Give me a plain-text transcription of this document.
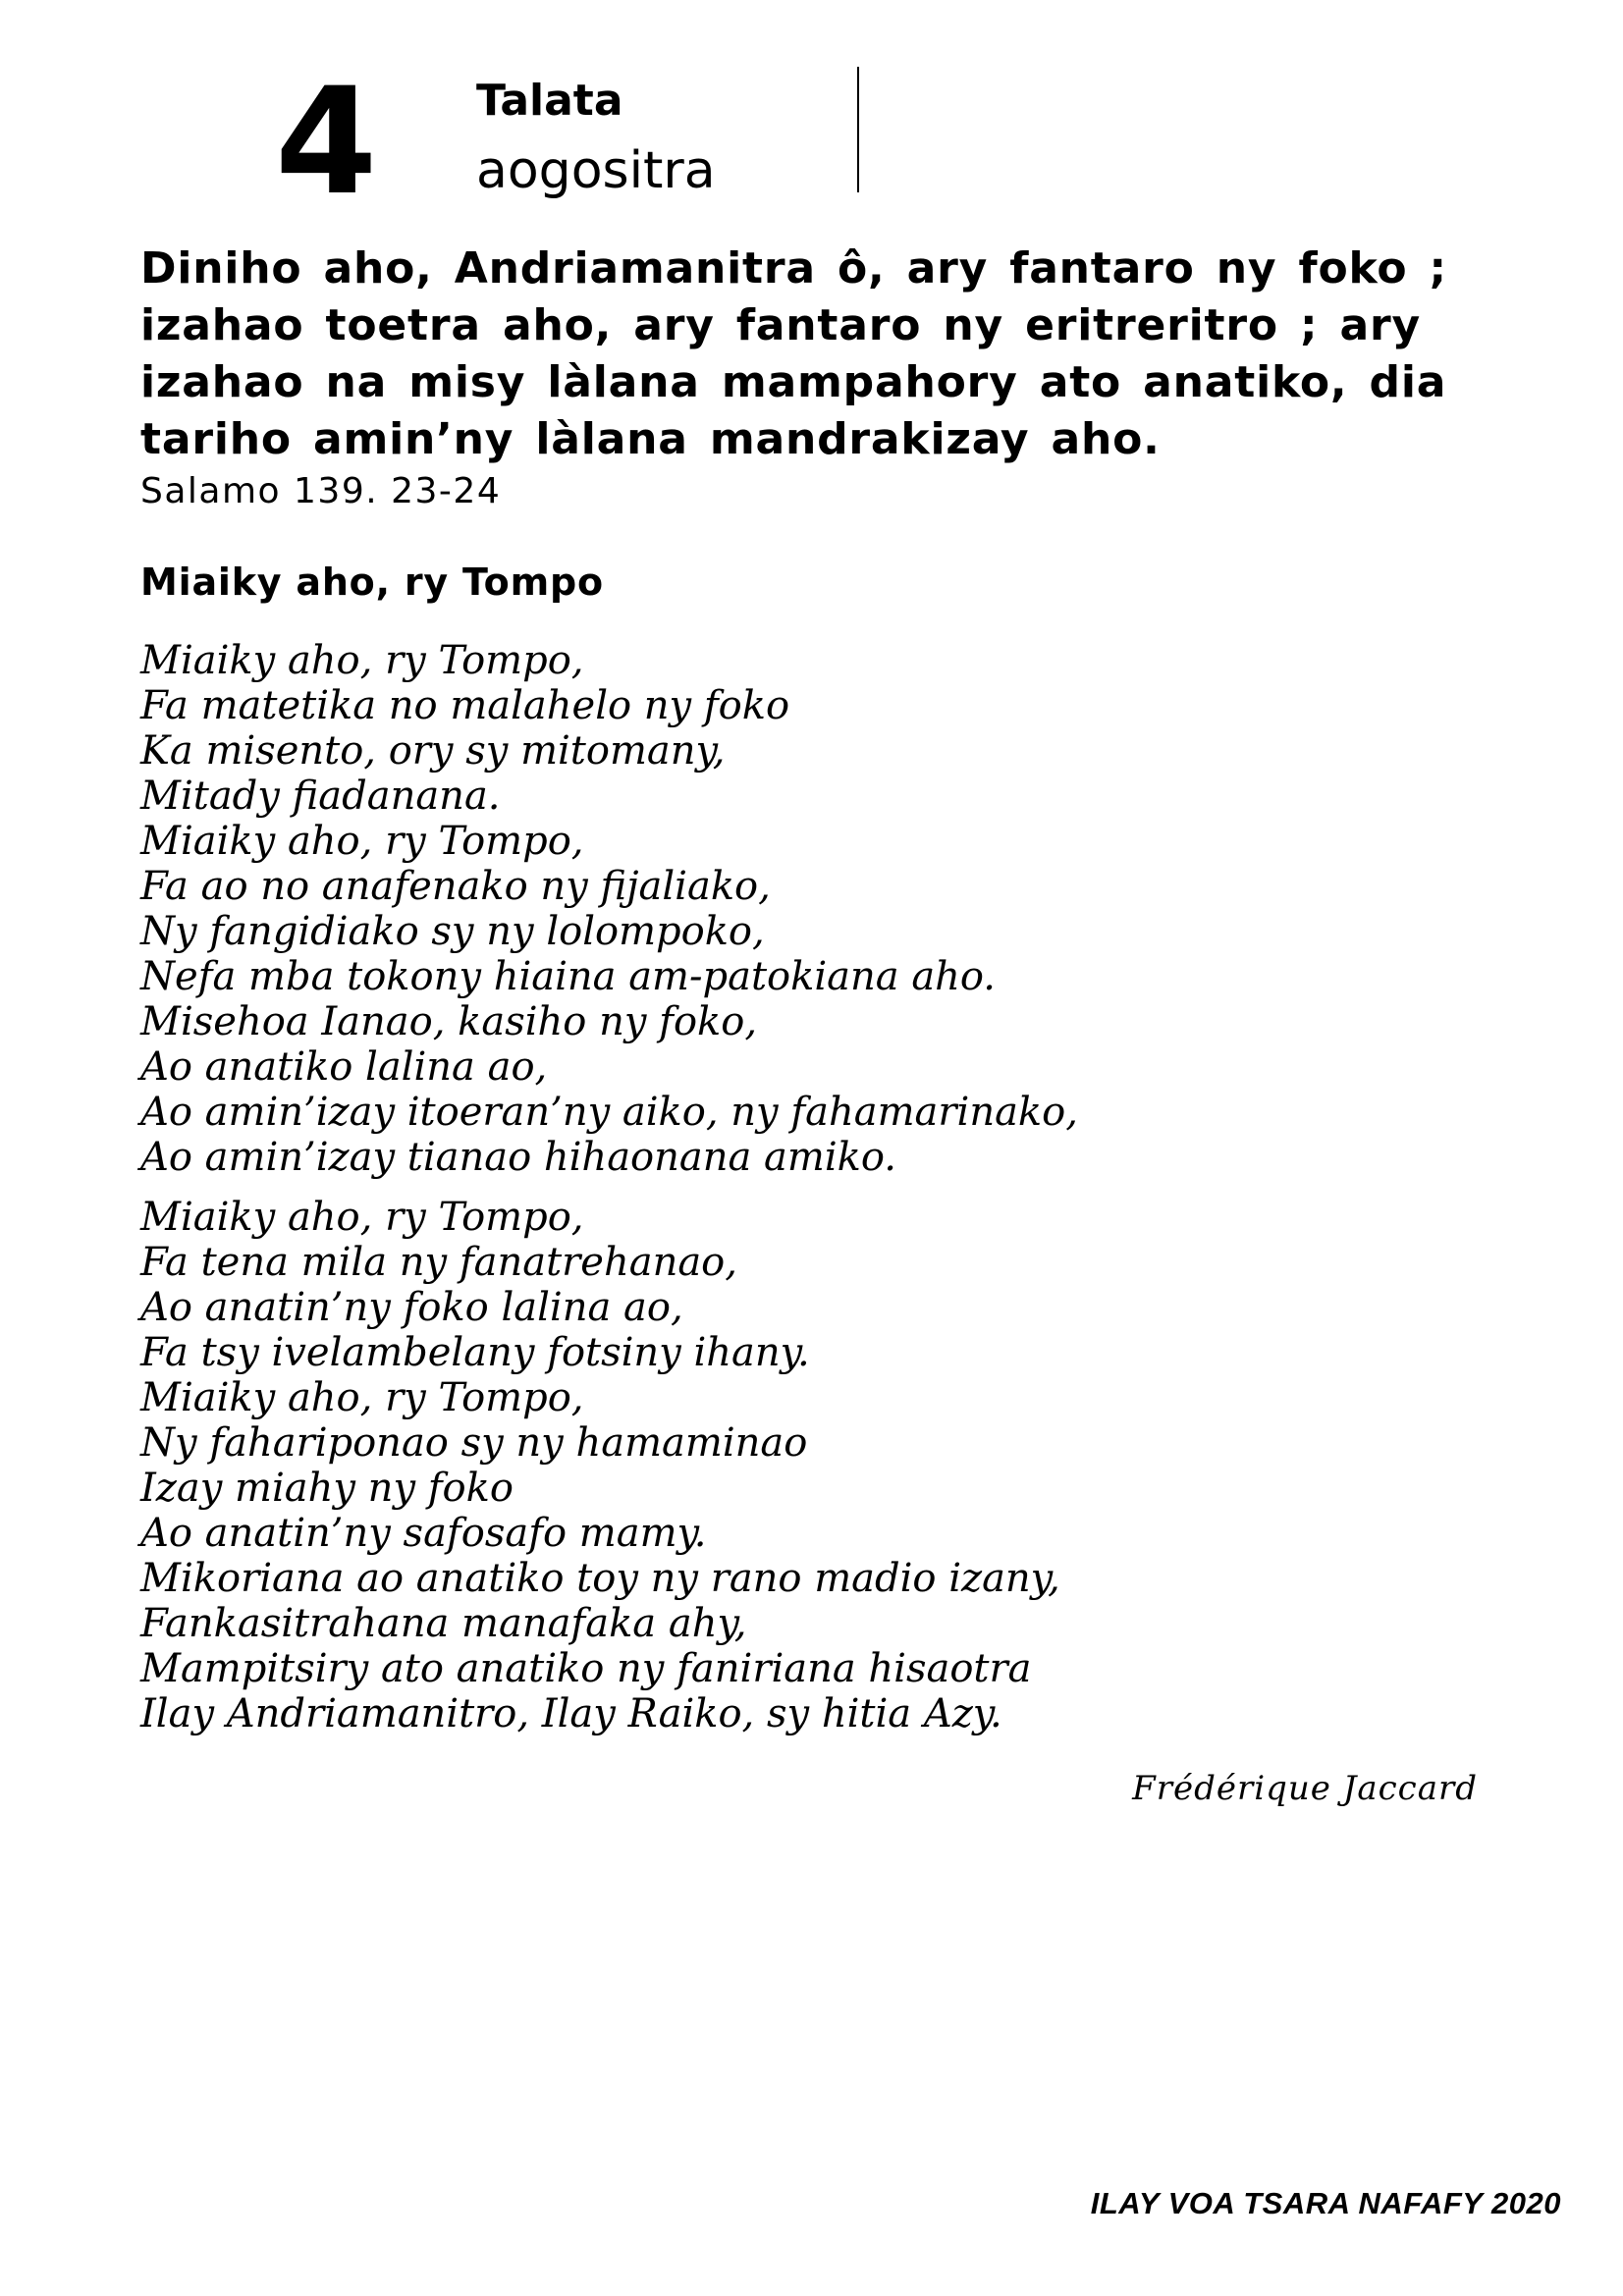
4 Talata
aogositra
Diniho aho, Andriamanitra ô, ary fantaro ny foko ; izahao toetra aho, ary fantaro ny eritreritro ; ary izahao na misy làlana mampahory ato anatiko, dia tariho amin’ny làlana mandrakizay aho.
Salamo 139. 23-24
Miaiky aho, ry Tompo
Miaiky aho, ry Tompo,
Fa matetika no malahelo ny foko
Ka misento, ory sy mitomany,
Mitady fiadanana.
Miaiky aho, ry Tompo,
Fa ao no anafenako ny fijaliako,
Ny fangidiako sy ny lolompoko,
Nefa mba tokony hiaina am-patokiana aho.
Misehoa Ianao, kasiho ny foko,
Ao anatiko lalina ao,
Ao amin’izay itoeran’ny aiko, ny fahamarinako,
Ao amin’izay tianao hihaonana amiko.
Miaiky aho, ry Tompo,
Fa tena mila ny fanatrehanao,
Ao anatin’ny foko lalina ao,
Fa tsy ivelambelany fotsiny ihany.
Miaiky aho, ry Tompo,
Ny fahariponao sy ny hamaminao
Izay miahy ny foko
Ao anatin’ny safosafo mamy.
Mikoriana ao anatiko toy ny rano madio izany,
Fankasitrahana manafaka ahy,
Mampitsiry ato anatiko ny faniriana hisaotra
Ilay Andriamanitro, Ilay Raiko, sy hitia Azy.
Frédérique Jaccard
ILAY VOA TSARA NAFAFY 2020
